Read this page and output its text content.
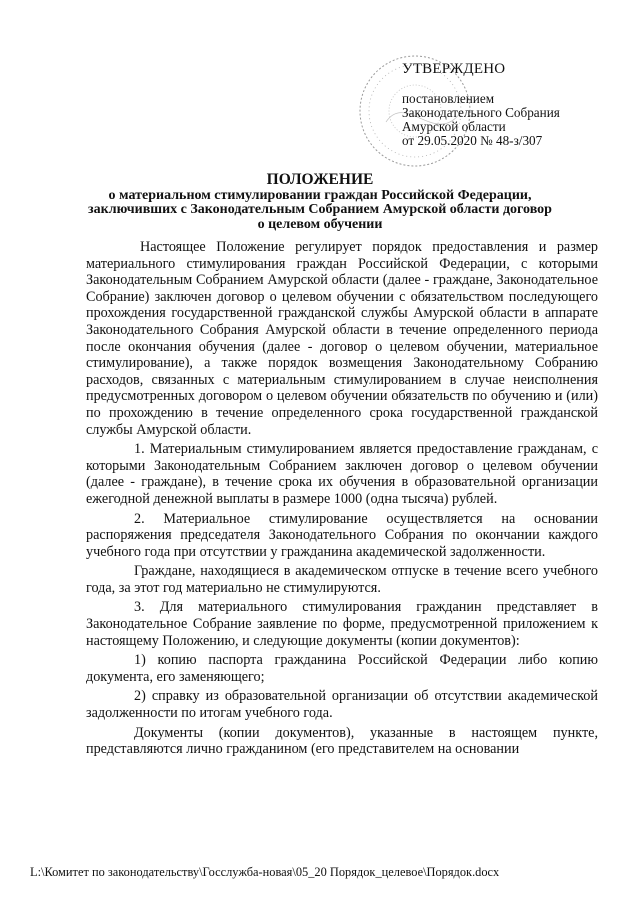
УТВЕРЖДЕНО
постановлением
Законодательного Собрания
Амурской области
от 29.05.2020 № 48-з/307
ПОЛОЖЕНИЕ
о материальном стимулировании граждан Российской Федерации,
заключивших с Законодательным Собранием Амурской области договор
о целевом обучении

Настоящее Положение регулирует порядок предоставления и размер материального стимулирования граждан Российской Федерации, с которыми Законодательным Собранием Амурской области (далее - граждане, Законодательное Собрание) заключен договор о целевом обучении с обязательством последующего прохождения государственной гражданской службы Амурской области в аппарате Законодательного Собрания Амурской области в течение определенного периода после окончания обучения (далее - договор о целевом обучении, материальное стимулирование), а также порядок возмещения Законодательному Собранию расходов, связанных с материальным стимулированием в случае неисполнения предусмотренных договором о целевом обучении обязательств по обучению и (или) по прохождению в течение определенного срока государственной гражданской службы Амурской области.

1. Материальным стимулированием является предоставление гражданам, с которыми Законодательным Собранием заключен договор о целевом обучении (далее - граждане), в течение срока их обучения в образовательной организации ежегодной денежной выплаты в размере 1000 (одна тысяча) рублей.

2. Материальное стимулирование осуществляется на основании распоряжения председателя Законодательного Собрания по окончании каждого учебного года при отсутствии у гражданина академической задолженности.

Граждане, находящиеся в академическом отпуске в течение всего учебного года, за этот год материально не стимулируются.

3. Для материального стимулирования гражданин представляет в Законодательное Собрание заявление по форме, предусмотренной приложением к настоящему Положению, и следующие документы (копии документов):

1) копию паспорта гражданина Российской Федерации либо копию документа, его заменяющего;

2) справку из образовательной организации об отсутствии академической задолженности по итогам учебного года.

Документы (копии документов), указанные в настоящем пункте, представляются лично гражданином (его представителем на основании

L:\Комитет по законодательству\Госслужба-новая\05_20 Порядок_целевое\Порядок.docx
